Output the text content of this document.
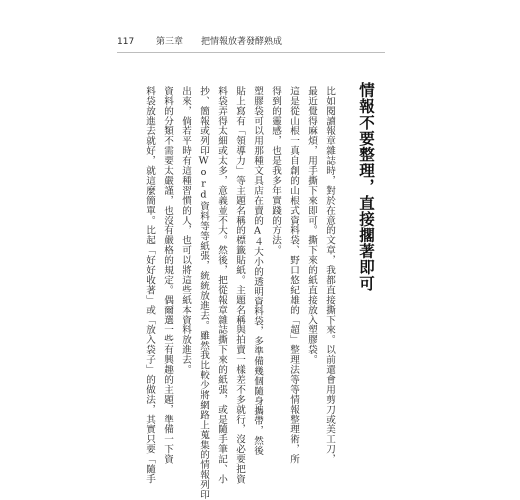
117 第三章 把情報放著發酵熟成
情報不要整理，直接擱著即可
比如閱讀報章雜誌時，對於在意的文章，我都直接撕下來。以前還會用剪刀或美工刀，
最近覺得麻煩，用手撕下來即可。撕下來的紙直接放入塑膠袋。
這是從山根一真自創的山根式資料袋、野口悠紀雄的「超」整理法等等情報整理術，所
得到的靈感，也是我多年實踐的方法。
塑膠袋可以用那種文具店在賣的A４大小的透明資料袋，多準備幾個隨身攜帶，然後
貼上寫有「領導力」等主題名稱的標籤貼紙。主題名稱與拍賣一樣差不多就行，沒必要把資
料袋弄得太細或太多，意義並不大。然後，把從報章雜誌撕下來的紙張，或是隨手筆記、小
抄、簡報或列印Word資料等等紙張，統統放進去。雖然我比較少將網路上蒐集的情報列印
出來，倘若平時有這種習慣的人，也可以將這些紙本資料放進去。
資料的分類不需要太嚴謹，也沒有嚴格的規定。偶爾選一些有興趣的主題，準備一下資
料袋放進去就好，就這麼簡單。比起「好好收著」或「放入袋子」的做法，其實只要「隨手
